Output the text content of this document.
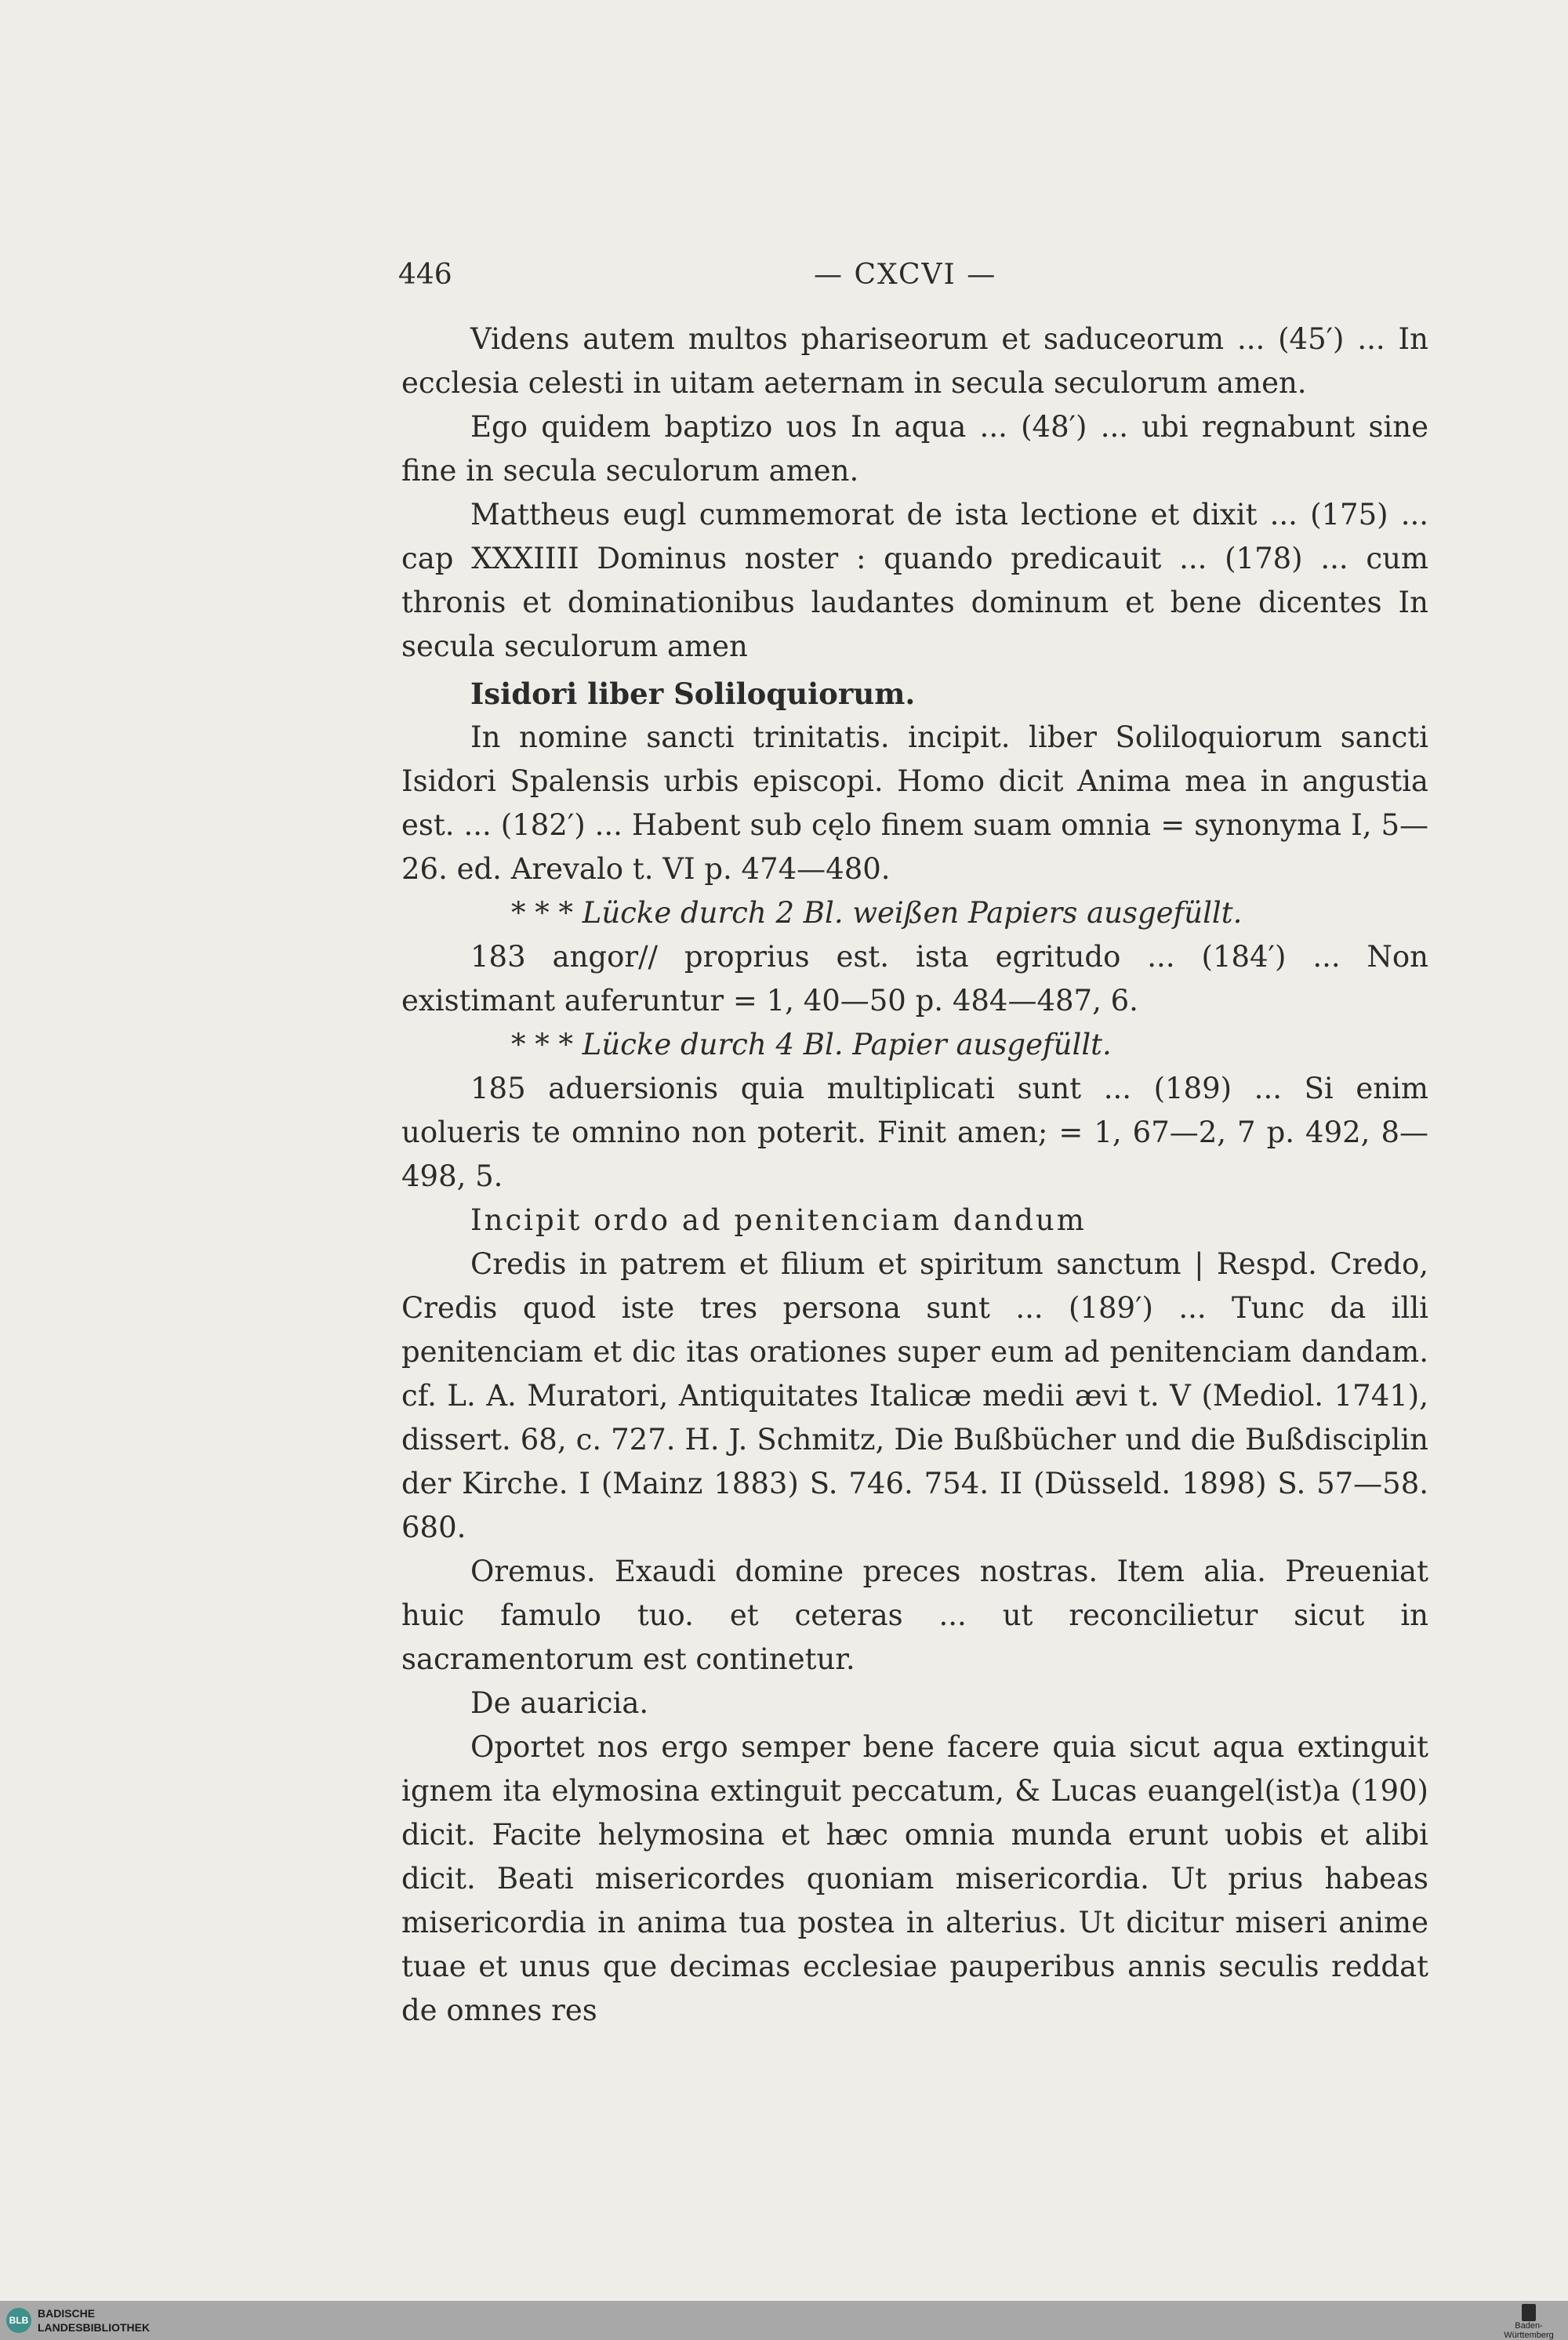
446	— CXCVI —

Videns autem multos phariseorum et saduceorum ... (45′) ... In ecclesia celesti in uitam aeternam in secula seculorum amen.

Ego quidem baptizo uos In aqua ... (48′) ... ubi regnabunt sine fine in secula seculorum amen.

Mattheus eugl cummemorat de ista lectione et dixit ... (175) ... cap XXXIIII Dominus noster : quando predicauit ... (178) ... cum thronis et dominationibus laudantes dominum et bene dicentes In secula seculorum amen

Isidori liber Soliloquiorum.

In nomine sancti trinitatis. incipit. liber Soliloquiorum sancti Isidori Spalensis urbis episcopi. Homo dicit Anima mea in angustia est. ... (182′) ... Habent sub cęlo finem suam omnia = synonyma I, 5—26. ed. Arevalo t. VI p. 474—480.

* * * Lücke durch 2 Bl. weißen Papiers ausgefüllt.

183 angor// proprius est. ista egritudo ... (184′) ... Non existimant auferuntur = 1, 40—50 p. 484—487, 6.

* * * Lücke durch 4 Bl. Papier ausgefüllt.

185 aduersionis quia multiplicati sunt ... (189) ... Si enim uolueris te omnino non poterit. Finit amen; = 1, 67—2, 7 p. 492, 8—498, 5.

Incipit ordo ad penitenciam dandum

Credis in patrem et filium et spiritum sanctum | Respd. Credo, Credis quod iste tres persona sunt ... (189′) ... Tunc da illi penitenciam et dic itas orationes super eum ad penitenciam dandam. cf. L. A. Muratori, Antiquitates Italicæ medii ævi t. V (Mediol. 1741), dissert. 68, c. 727. H. J. Schmitz, Die Bußbücher und die Bußdisciplin der Kirche. I (Mainz 1883) S. 746. 754. II (Düsseld. 1898) S. 57—58. 680.

Oremus. Exaudi domine preces nostras. Item alia. Preueniat huic famulo tuo. et ceteras ... ut reconcilietur sicut in sacramentorum est continetur.

De auaricia.

Oportet nos ergo semper bene facere quia sicut aqua extinguit ignem ita elymosina extinguit peccatum, & Lucas euangel(ist)a (190) dicit. Facite helymosina et hæc omnia munda erunt uobis et alibi dicit. Beati misericordes quoniam misericordia. Ut prius habeas misericordia in anima tua postea in alterius. Ut dicitur miseri anime tuae et unus que decimas ecclesiae pauperibus annis seculis reddat de omnes res

BLB
BADISCHE
LANDESBIBLIOTHEK	Baden-Württemberg
